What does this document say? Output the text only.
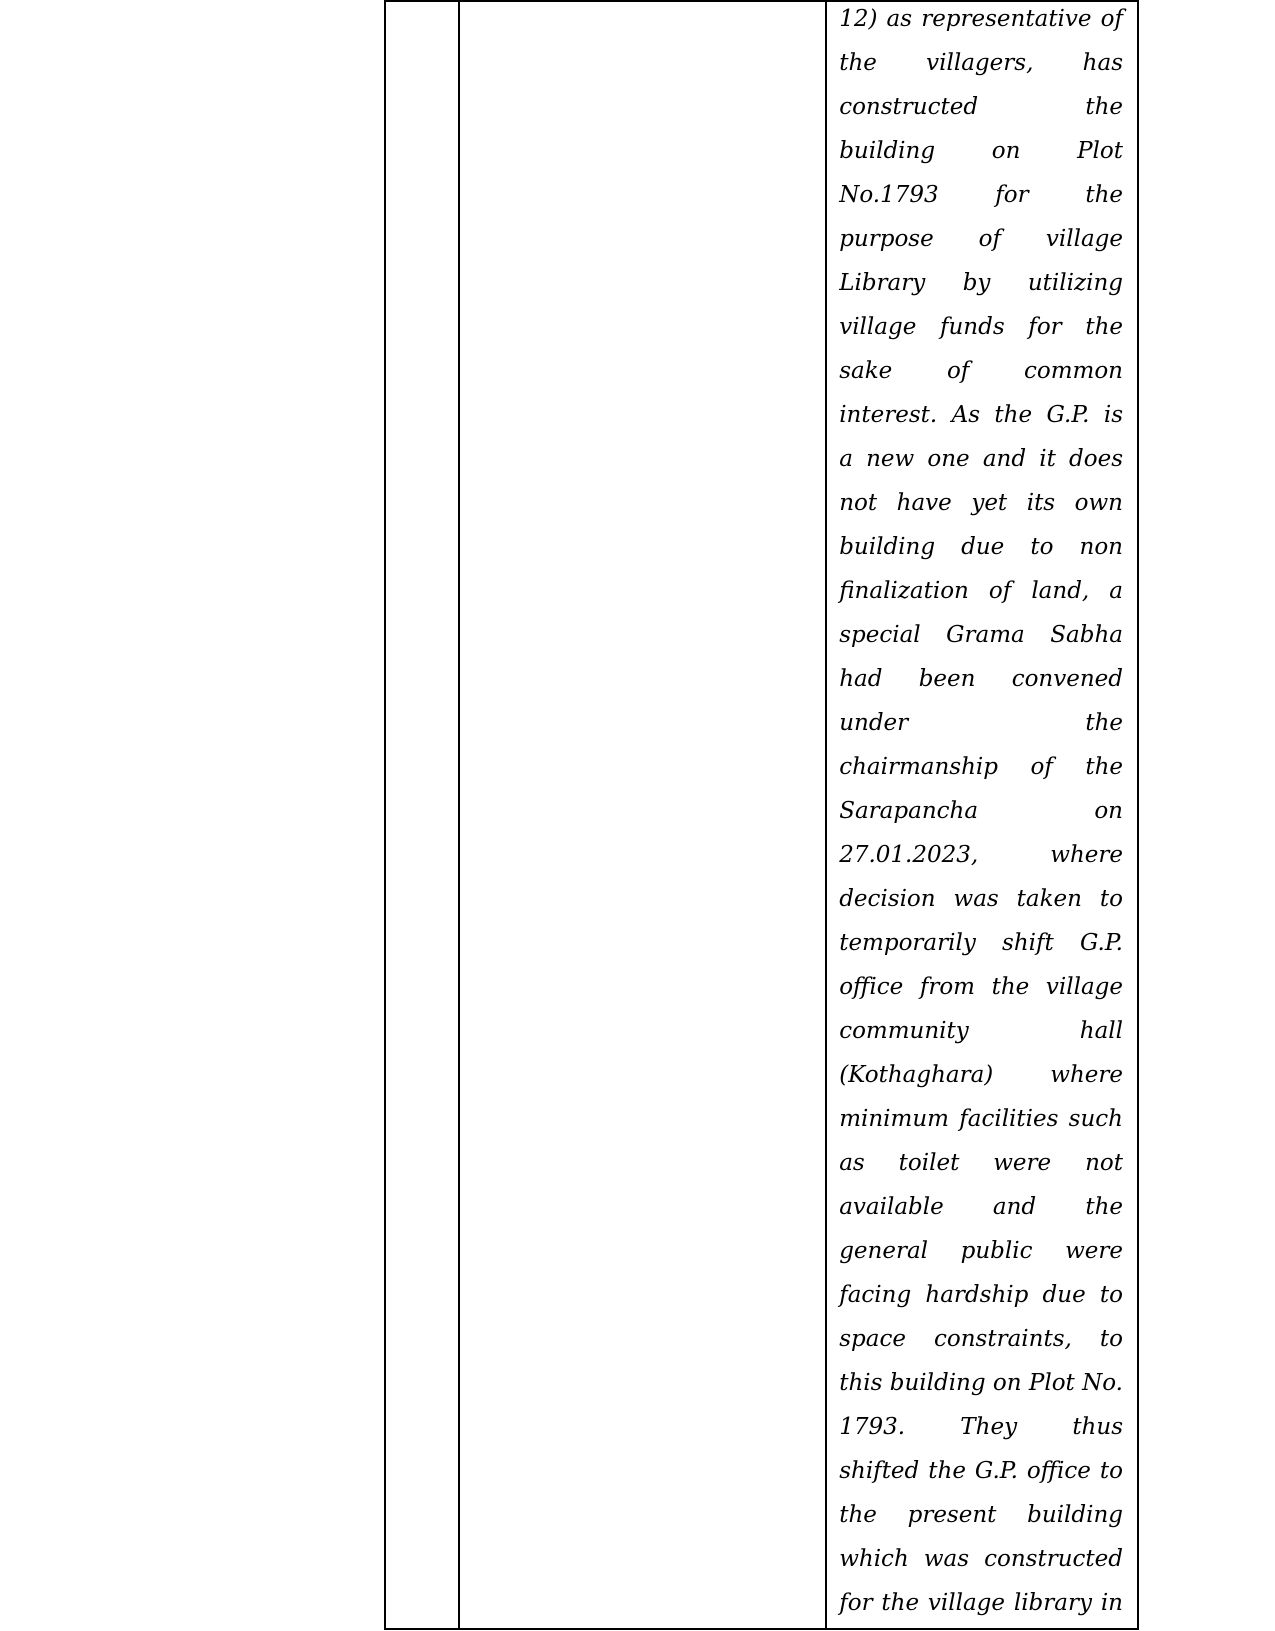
12) as representative of
the villagers, has
constructed the
building on Plot
No.1793 for the
purpose of village
Library by utilizing
village funds for the
sake of common
interest. As the G.P. is
a new one and it does
not have yet its own
building due to non
finalization of land, a
special Grama Sabha
had been convened
under the
chairmanship of the
Sarapancha on
27.01.2023, where
decision was taken to
temporarily shift G.P.
office from the village
community hall
(Kothaghara) where
minimum facilities such
as toilet were not
available and the
general public were
facing hardship due to
space constraints, to
this building on Plot No.
1793. They thus
shifted the G.P. office to
the present building
which was constructed
for the village library in
